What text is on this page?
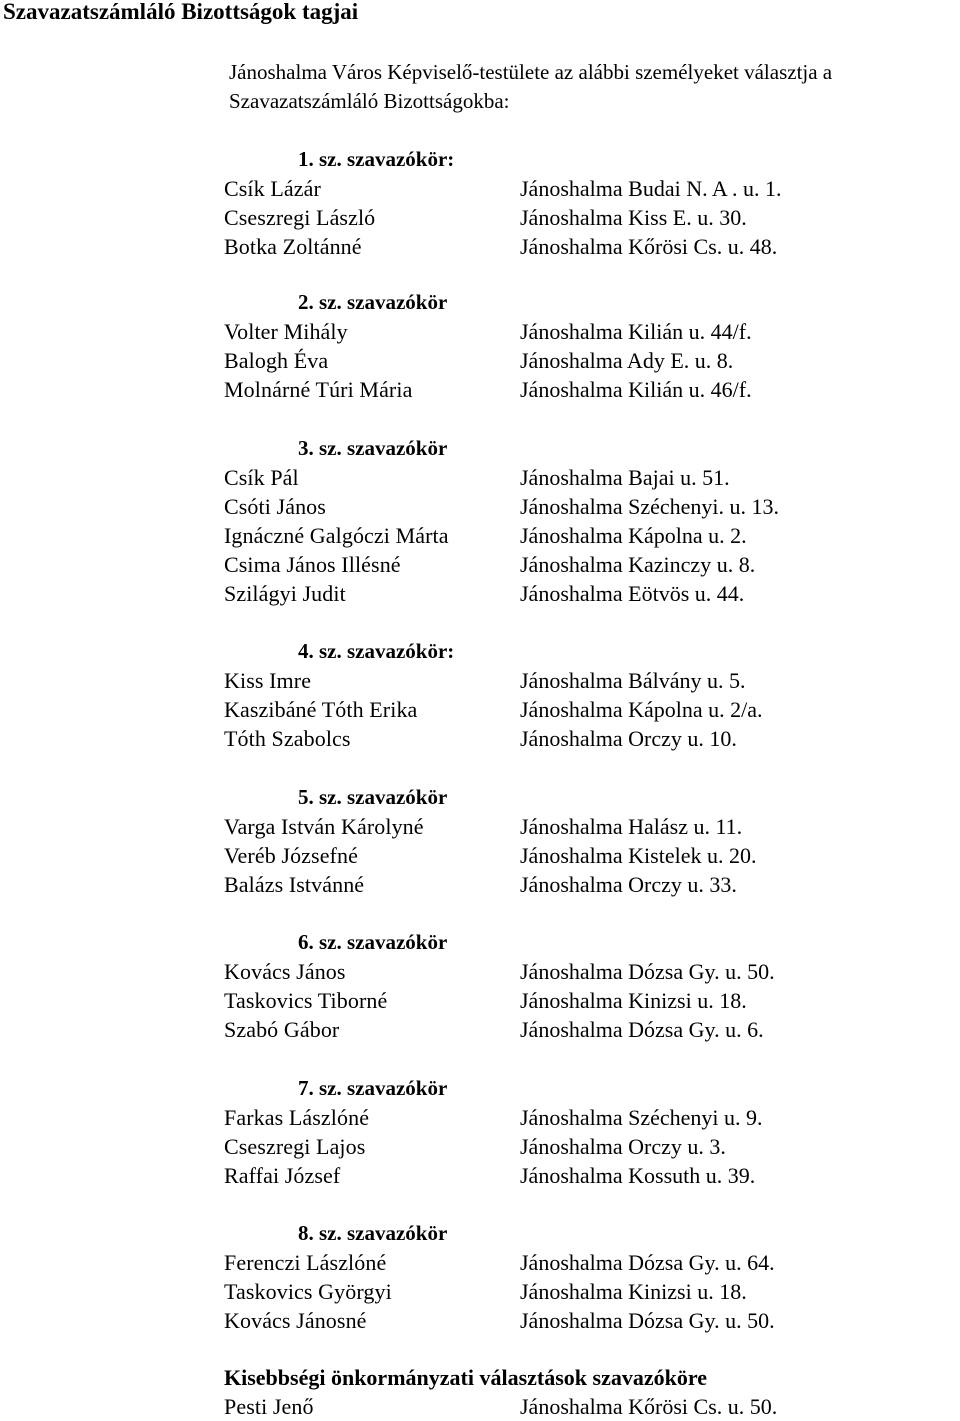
Szavazatszámláló Bizottságok tagjai
Jánoshalma Város Képviselő-testülete az alábbi személyeket választja a
Szavazatszámláló Bizottságokba:
1. sz. szavazókör:
Csík Lázár	Jánoshalma Budai N. A . u. 1.
Cseszregi László	Jánoshalma Kiss E. u. 30.
Botka Zoltánné	Jánoshalma Kőrösi Cs. u. 48.
2. sz. szavazókör
Volter Mihály	Jánoshalma Kilián u. 44/f.
Balogh Éva	Jánoshalma Ady E. u. 8.
Molnárné Túri Mária	Jánoshalma Kilián u. 46/f.
3. sz. szavazókör
Csík Pál	Jánoshalma Bajai u. 51.
Csóti János	Jánoshalma Széchenyi. u. 13.
Ignáczné Galgóczi Márta	Jánoshalma Kápolna u. 2.
Csima János Illésné	Jánoshalma Kazinczy u. 8.
Szilágyi Judit	Jánoshalma Eötvös u. 44.
4. sz. szavazókör:
Kiss Imre	Jánoshalma Bálvány u. 5.
Kaszibáné Tóth Erika	Jánoshalma Kápolna u. 2/a.
Tóth Szabolcs	Jánoshalma Orczy u. 10.
5. sz. szavazókör
Varga István Károlyné	Jánoshalma Halász u. 11.
Veréb Józsefné	Jánoshalma Kistelek u. 20.
Balázs Istvánné	Jánoshalma Orczy u. 33.
6. sz. szavazókör
Kovács János	Jánoshalma Dózsa Gy. u. 50.
Taskovics Tiborné	Jánoshalma Kinizsi u. 18.
Szabó Gábor	Jánoshalma Dózsa Gy. u. 6.
7. sz. szavazókör
Farkas Lászlóné	Jánoshalma Széchenyi u. 9.
Cseszregi Lajos	Jánoshalma Orczy u. 3.
Raffai József	Jánoshalma Kossuth u. 39.
8. sz. szavazókör
Ferenczi Lászlóné	Jánoshalma Dózsa Gy. u. 64.
Taskovics Györgyi	Jánoshalma Kinizsi u. 18.
Kovács Jánosné	Jánoshalma Dózsa Gy. u. 50.
Kisebbségi önkormányzati választások szavazóköre
Pesti Jenő	Jánoshalma Kőrösi Cs. u. 50.
